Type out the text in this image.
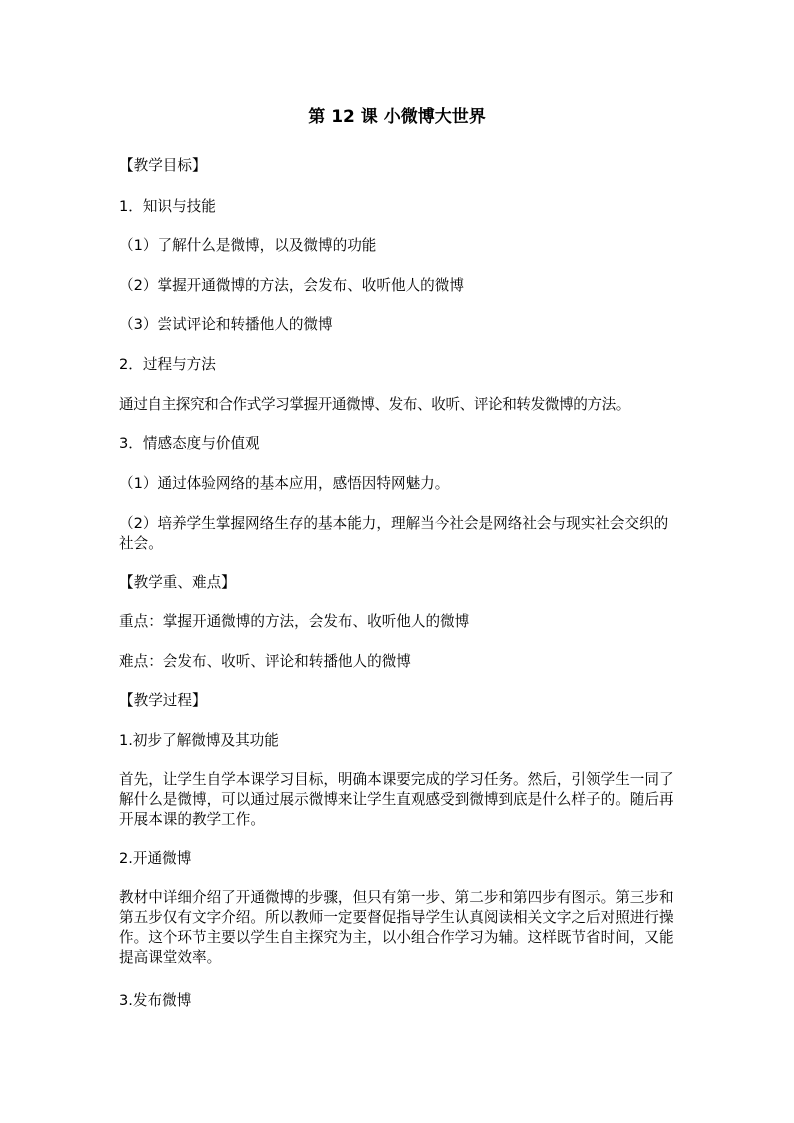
第 12 课 小微博大世界
【教学目标】
1．知识与技能
（1）了解什么是微博，以及微博的功能
（2）掌握开通微博的方法，会发布、收听他人的微博
（3）尝试评论和转播他人的微博
2．过程与方法
通过自主探究和合作式学习掌握开通微博、发布、收听、评论和转发微博的方法。
3．情感态度与价值观
（1）通过体验网络的基本应用，感悟因特网魅力。
（2）培养学生掌握网络生存的基本能力，理解当今社会是网络社会与现实社会交织的社会。
【教学重、难点】
重点：掌握开通微博的方法，会发布、收听他人的微博
难点：会发布、收听、评论和转播他人的微博
【教学过程】
1.初步了解微博及其功能
首先，让学生自学本课学习目标，明确本课要完成的学习任务。然后，引领学生一同了解什么是微博，可以通过展示微博来让学生直观感受到微博到底是什么样子的。随后再开展本课的教学工作。
2.开通微博
教材中详细介绍了开通微博的步骤，但只有第一步、第二步和第四步有图示。第三步和第五步仅有文字介绍。所以教师一定要督促指导学生认真阅读相关文字之后对照进行操作。这个环节主要以学生自主探究为主，以小组合作学习为辅。这样既节省时间，又能提高课堂效率。
3.发布微博
